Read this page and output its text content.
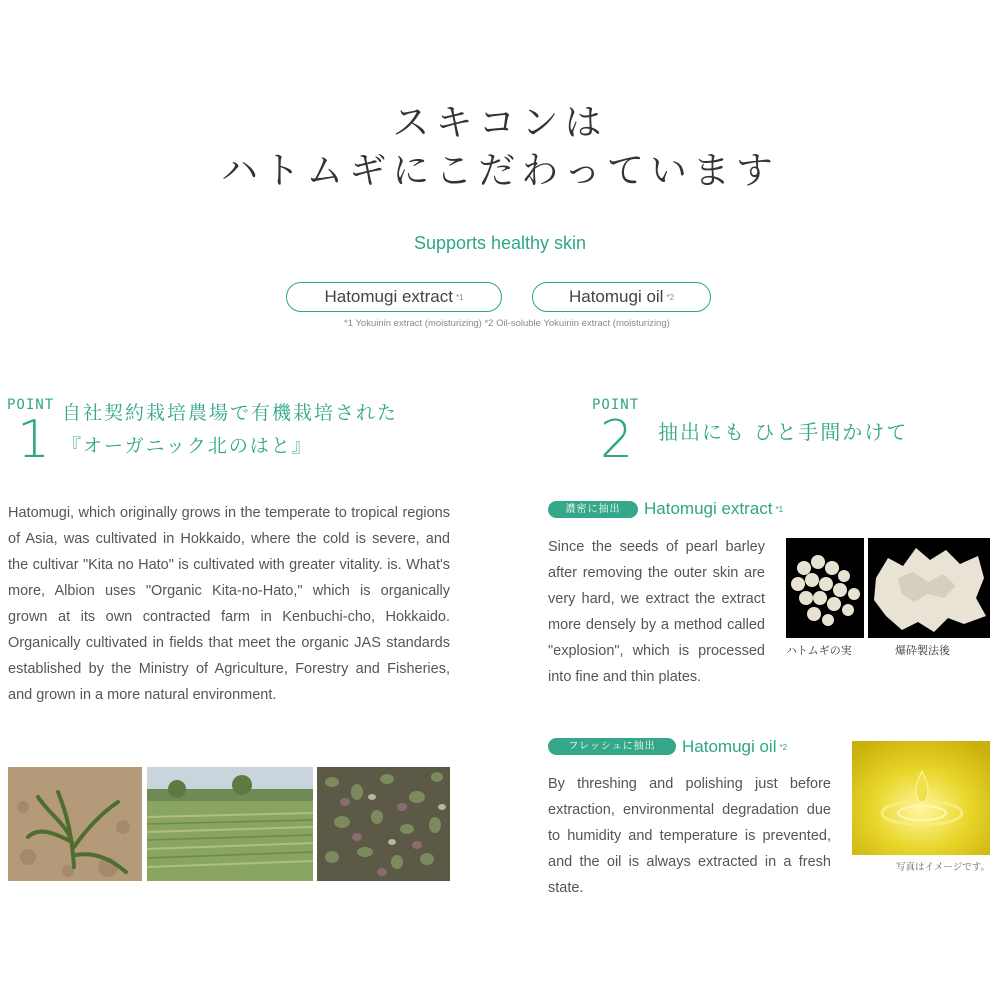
スキコンは
ハトムギにこだわっています
Supports healthy skin
Hatomugi extract *1	Hatomugi oil *2
*1 Yokuinin extract (moisturizing) *2 Oil-soluble Yokuinin extract (moisturizing)
POINT
1 自社契約栽培農場で有機栽培された
『オーガニック北のはと』
Hatomugi, which originally grows in the temperate to tropical regions of Asia, was cultivated in Hokkaido, where the cold is severe, and the cultivar "Kita no Hato" is cultivated with greater vitality. is. What's more, Albion uses "Organic Kita-no-Hato," which is organically grown at its own contracted farm in Kenbuchi-cho, Hokkaido. Organically cultivated in fields that meet the organic JAS standards established by the Ministry of Agriculture, Forestry and Fisheries, and grown in a more natural environment.
POINT
2 抽出にも ひと手間かけて
濃密に抽出	Hatomugi extract *1
Since the seeds of pearl barley after removing the outer skin are very hard, we extract the extract more densely by a method called "explosion", which is processed into fine and thin plates.
ハトムギの実	爆砕製法後
フレッシュに抽出	Hatomugi oil *2
By threshing and polishing just before extraction, environmental degradation due to humidity and temperature is prevented, and the oil is always extracted in a fresh state.
写真はイメージです。
